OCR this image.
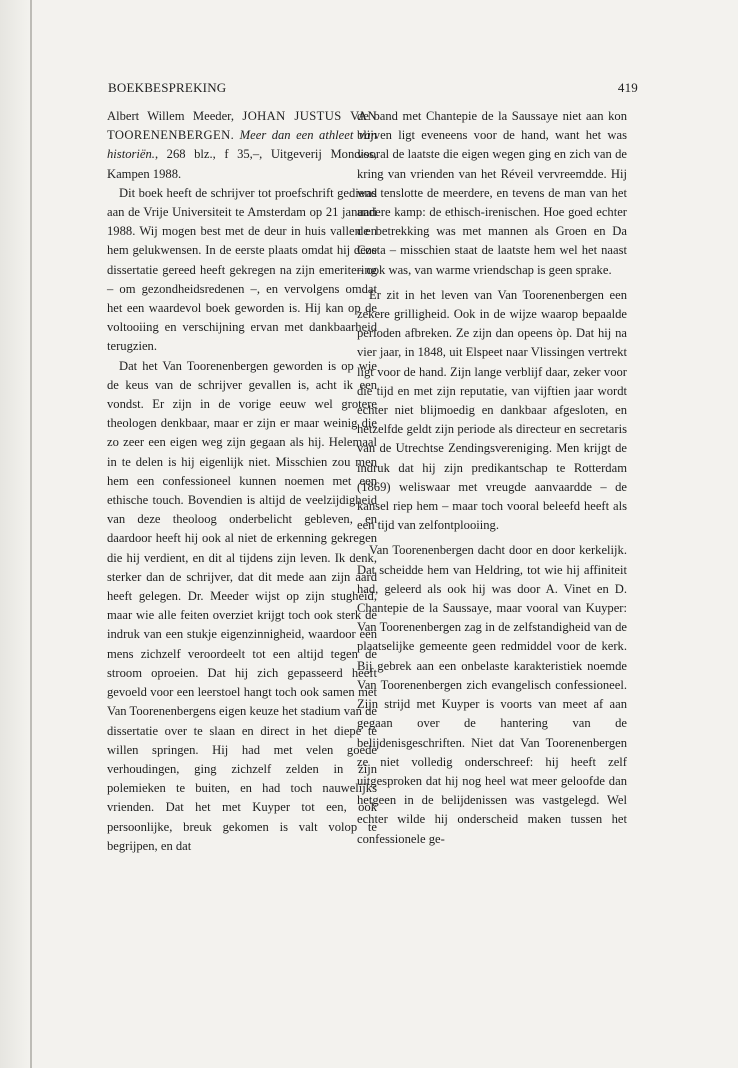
BOEKBESPREKING	419

Albert Willem Meeder, JOHAN JUSTUS VAN TOORENENBERGEN. Meer dan een athleet van historiën., 268 blz., f 35,–, Uitgeverij Mondiss, Kampen 1988.

Dit boek heeft de schrijver tot proefschrift gediend aan de Vrije Universiteit te Amsterdam op 21 januari 1988. Wij mogen best met de deur in huis vallen en hem gelukwensen. In de eerste plaats omdat hij deze dissertatie gereed heeft gekregen na zijn emeritering – om gezondheidsredenen –, en vervolgens omdat het een waardevol boek geworden is. Hij kan op de voltooiing en verschijning ervan met dankbaarheid terugzien.

Dat het Van Toorenenbergen geworden is op wie de keus van de schrijver gevallen is, acht ik een vondst. Er zijn in de vorige eeuw wel grotere theologen denkbaar, maar er zijn er maar weinig die zo zeer een eigen weg zijn gegaan als hij. Helemaal in te delen is hij eigenlijk niet. Misschien zou men hem een confessioneel kunnen noemen met een ethische touch. Bovendien is altijd de veelzijdigheid van deze theoloog onderbelicht gebleven, en daardoor heeft hij ook al niet de erkenning gekregen die hij verdient, en dit al tijdens zijn leven. Ik denk, sterker dan de schrijver, dat dit mede aan zijn aard heeft gelegen. Dr. Meeder wijst op zijn stugheid, maar wie alle feiten overziet krijgt toch ook sterk de indruk van een stukje eigenzinnigheid, waardoor een mens zichzelf veroordeelt tot een altijd tegen de stroom oproeien. Dat hij zich gepasseerd heeft gevoeld voor een leerstoel hangt toch ook samen met Van Toorenenbergens eigen keuze het stadium van de dissertatie over te slaan en direct in het diepe te willen springen. Hij had met velen goede verhoudingen, ging zichzelf zelden in zijn polemieken te buiten, en had toch nauwelijks vrienden. Dat het met Kuyper tot een, ook persoonlijke, breuk gekomen is valt volop te begrijpen, en dat

de band met Chantepie de la Saussaye niet aan kon blijven ligt eveneens voor de hand, want het was vooral de laatste die eigen wegen ging en zich van de kring van vrienden van het Réveil vervreemdde. Hij was tenslotte de meerdere, en tevens de man van het andere kamp: de ethisch-irenischen. Hoe goed echter de betrekking was met mannen als Groen en Da Costa – misschien staat de laatste hem wel het naast – ook was, van warme vriendschap is geen sprake.

Er zit in het leven van Van Toorenenbergen een zekere grilligheid. Ook in de wijze waarop bepaalde perioden afbreken. Ze zijn dan opeens òp. Dat hij na vier jaar, in 1848, uit Elspeet naar Vlissingen vertrekt ligt voor de hand. Zijn lange verblijf daar, zeker voor die tijd en met zijn reputatie, van vijftien jaar wordt echter niet blijmoedig en dankbaar afgesloten, en hetzelfde geldt zijn periode als directeur en secretaris van de Utrechtse Zendingsvereniging. Men krijgt de indruk dat hij zijn predikantschap te Rotterdam (1869) weliswaar met vreugde aanvaardde – de kansel riep hem – maar toch vooral beleefd heeft als een tijd van zelfontplooiing.

Van Toorenenbergen dacht door en door kerkelijk. Dat scheidde hem van Heldring, tot wie hij affiniteit had, geleerd als ook hij was door A. Vinet en D. Chantepie de la Saussaye, maar vooral van Kuyper: Van Toorenenbergen zag in de zelfstandigheid van de plaatselijke gemeente geen redmiddel voor de kerk. Bij gebrek aan een onbelaste karakteristiek noemde Van Toorenenbergen zich evangelisch confessioneel. Zijn strijd met Kuyper is voorts van meet af aan gegaan over de hantering van de belijdenisgeschriften. Niet dat Van Toorenenbergen ze niet volledig onderschreef: hij heeft zelf uitgesproken dat hij nog heel wat meer geloofde dan hetgeen in de belijdenissen was vastgelegd. Wel echter wilde hij onderscheid maken tussen het confessionele ge-
